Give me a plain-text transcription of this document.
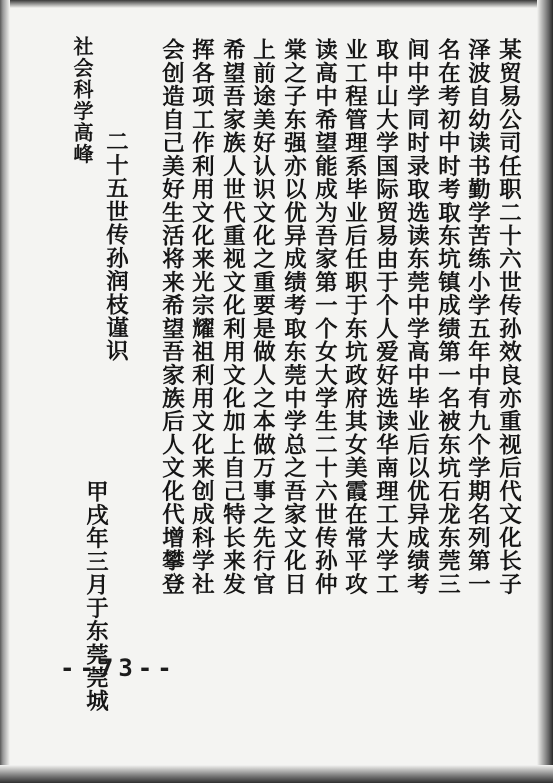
某贸易公司任职二十六世传孙效良亦重视后代文化长子
泽波自幼读书勤学苦练小学五年中有九个学期名列第一
名在考初中时考取东坑镇成绩第一名被东坑石龙东莞三
间中学同时录取选读东莞中学高中毕业后以优异成绩考
取中山大学国际贸易由于个人爱好选读华南理工大学工
业工程管理系毕业后任职于东坑政府其女美霞在常平攻
读高中希望能成为吾家第一个女大学生二十六世传孙仲
棠之子东强亦以优异成绩考取东莞中学总之吾家文化日
上前途美好认识文化之重要是做人之本做万事之先行官
希望吾家族人世代重视文化利用文化加上自己特长来发
挥各项工作利用文化来光宗耀祖利用文化来创成科学社
会创造自己美好生活将来希望吾家族后人文化代增攀登
社会科学高峰
二十五世传孙润枝谨识
甲戌年三月于东莞莞城
--73--
